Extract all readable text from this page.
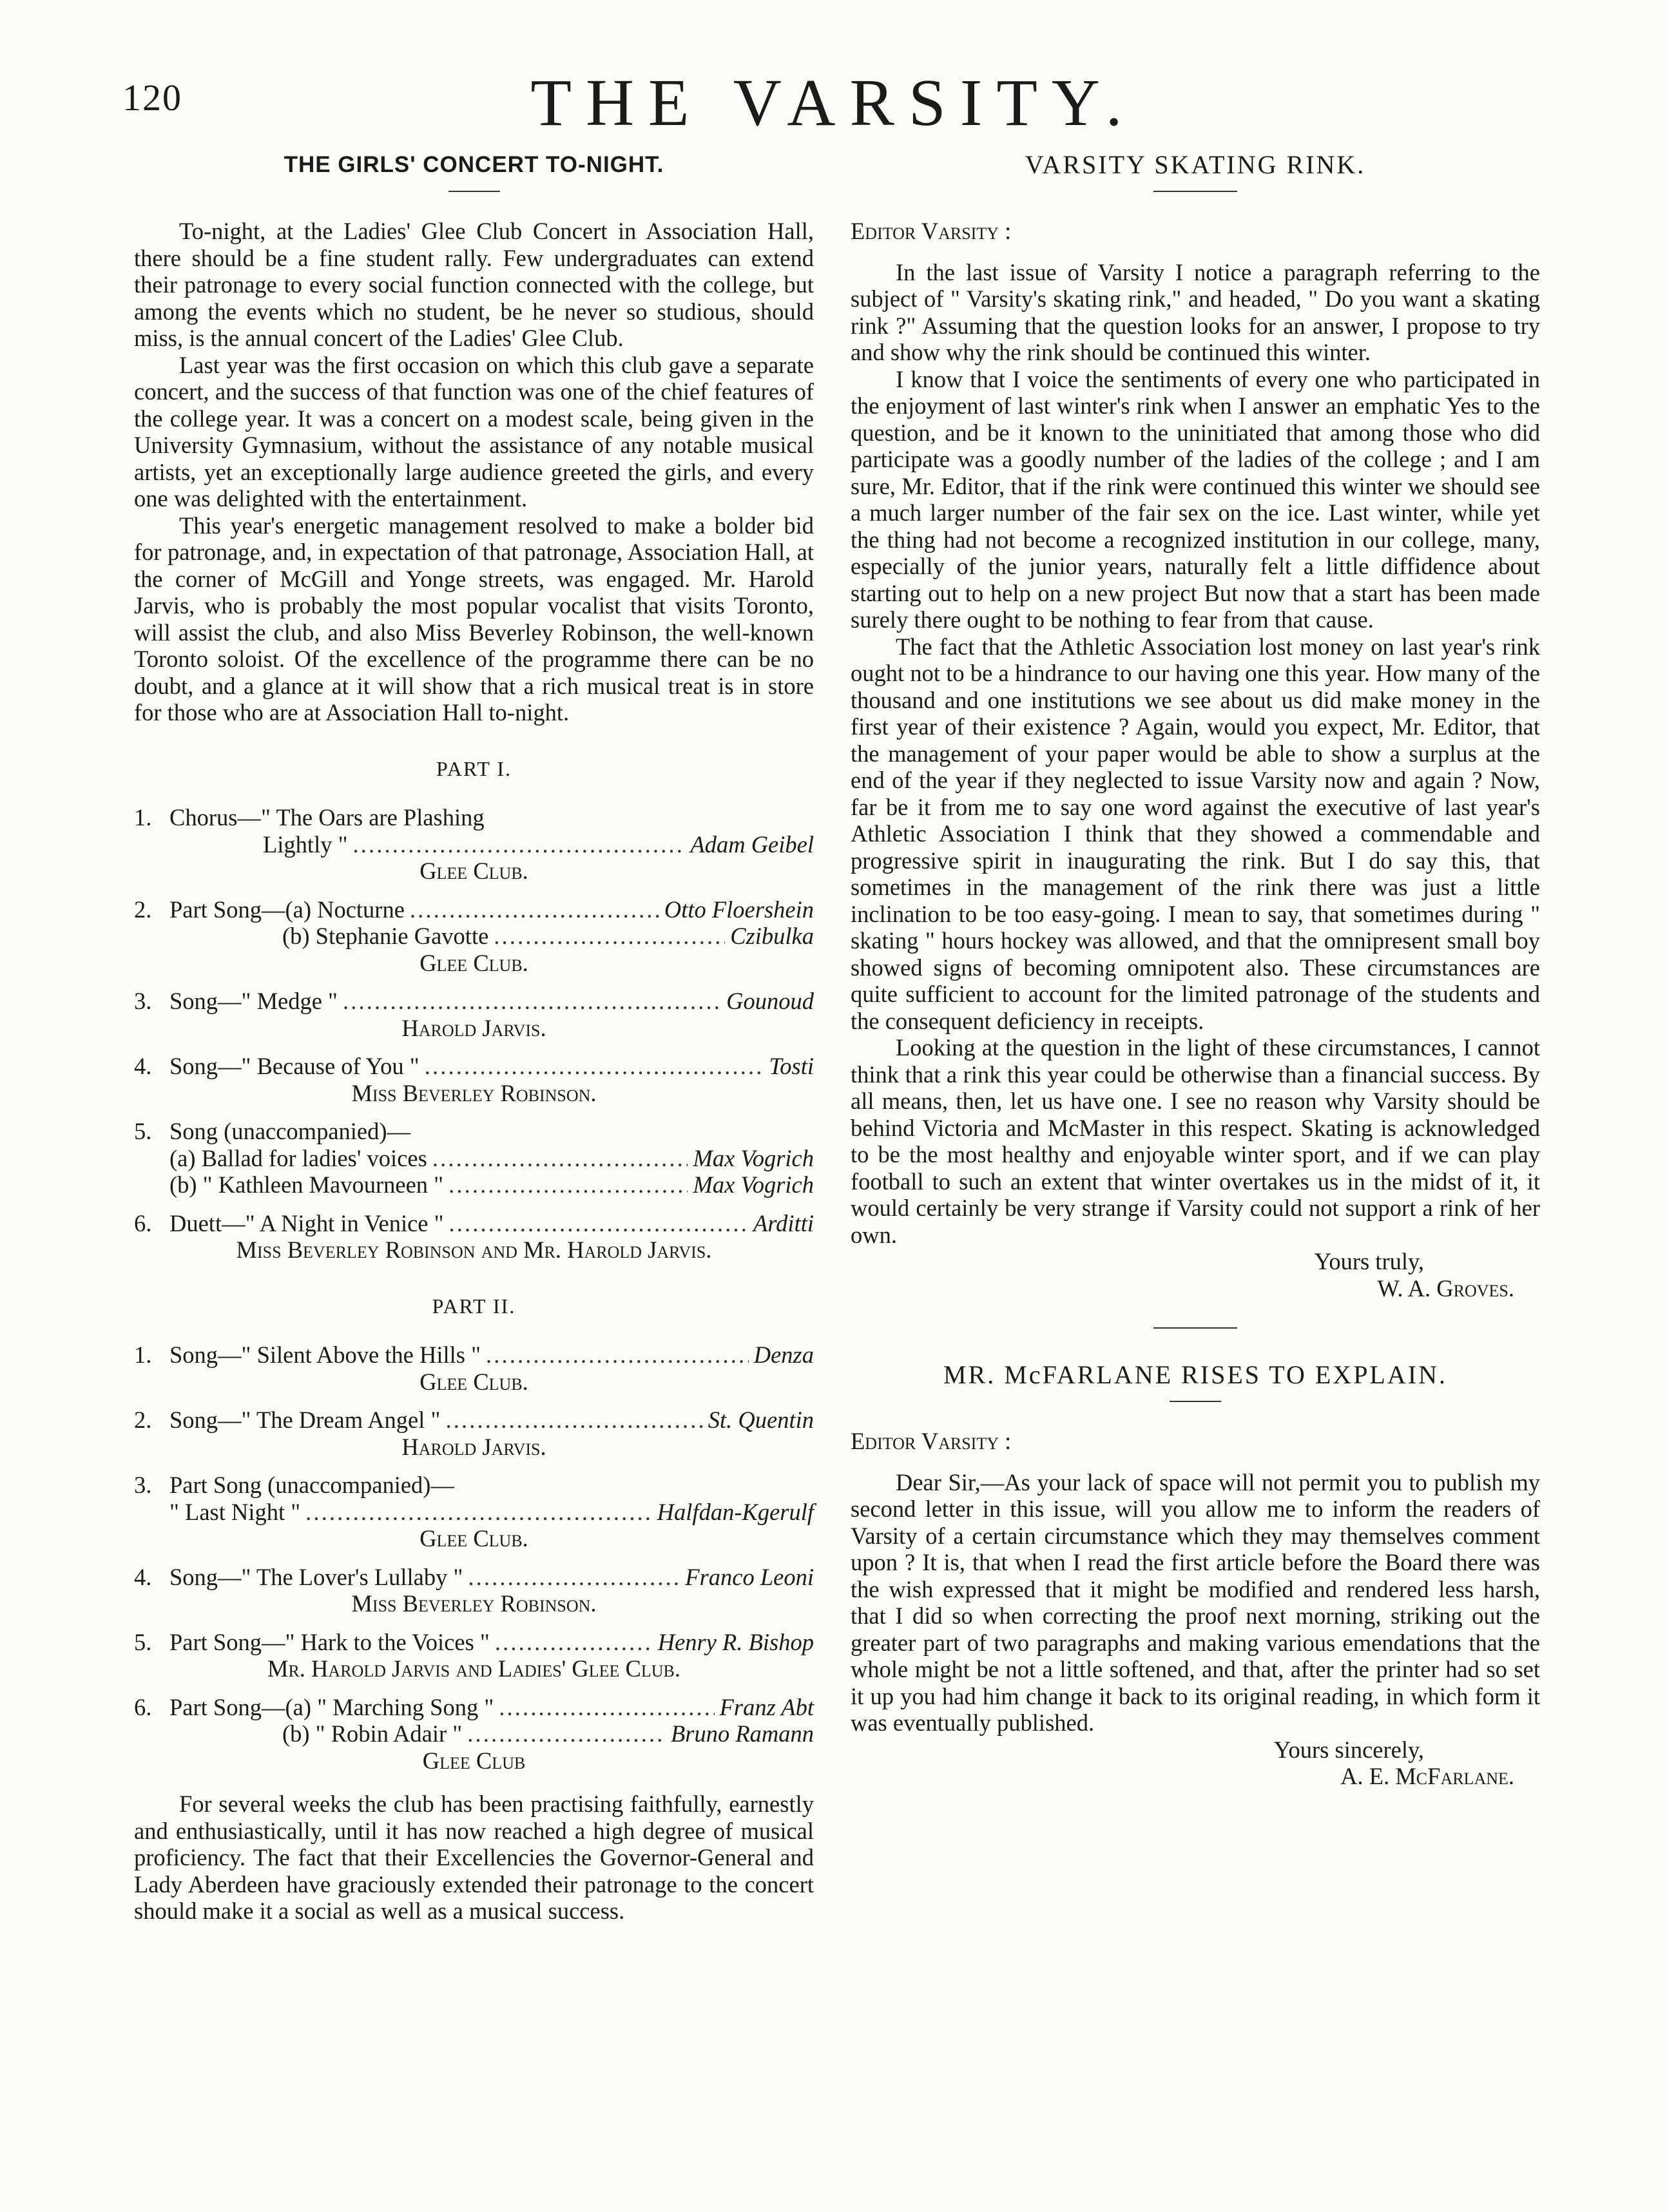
120	THE VARSITY.
THE GIRLS' CONCERT TO-NIGHT.

To-night, at the Ladies' Glee Club Concert in Association Hall, there should be a fine student rally. Few undergraduates can extend their patronage to every social function connected with the college, but among the events which no student, be he never so studious, should miss, is the annual concert of the Ladies' Glee Club.

Last year was the first occasion on which this club gave a separate concert, and the success of that function was one of the chief features of the college year. It was a concert on a modest scale, being given in the University Gymnasium, without the assistance of any notable musical artists, yet an exceptionally large audience greeted the girls, and every one was delighted with the entertainment.

This year's energetic management resolved to make a bolder bid for patronage, and, in expectation of that patronage, Association Hall, at the corner of McGill and Yonge streets, was engaged. Mr. Harold Jarvis, who is probably the most popular vocalist that visits Toronto, will assist the club, and also Miss Beverley Robinson, the well-known Toronto soloist. Of the excellence of the programme there can be no doubt, and a glance at it will show that a rich musical treat is in store for those who are at Association Hall to-night.

PART I.
1. Chorus—" The Oars are Plashing
Lightly " . . .	Adam Geibel
Glee Club.
2. Part Song—(a) Nocturne . . .	Otto Floershein
(b) Stephanie Gavotte . . .	Czibulka
Glee Club.
3. Song—" Medge " . . .	Gounoud
Harold Jarvis.
4. Song—" Because of You " . . .	Tosti
Miss Beverley Robinson.
5. Song (unaccompanied)—
(a) Ballad for ladies' voices . . .	Max Vogrich
(b) " Kathleen Mavourneen " . . .	Max Vogrich
6. Duett—" A Night in Venice " . . .	Arditti
Miss Beverley Robinson and Mr. Harold Jarvis.
PART II.
1. Song—" Silent Above the Hills " . . .	Denza
Glee Club.
2. Song—" The Dream Angel " . . .	St. Quentin
Harold Jarvis.
3. Part Song (unaccompanied)—
" Last Night " . . .	Halfdan-Kgerulf
Glee Club.
4. Song—" The Lover's Lullaby " . . .	Franco Leoni
Miss Beverley Robinson.
5. Part Song—" Hark to the Voices " . . .	Henry R. Bishop
Mr. Harold Jarvis and Ladies' Glee Club.
6. Part Song—(a) " Marching Song " . . .	Franz Abt
(b) " Robin Adair " . . .	Bruno Ramann
Glee Club

For several weeks the club has been practising faithfully, earnestly and enthusiastically, until it has now reached a high degree of musical proficiency. The fact that their Excellencies the Governor-General and Lady Aberdeen have graciously extended their patronage to the concert should make it a social as well as a musical success.

VARSITY SKATING RINK.

Editor Varsity :

In the last issue of Varsity I notice a paragraph referring to the subject of " Varsity's skating rink," and headed, " Do you want a skating rink ?" Assuming that the question looks for an answer, I propose to try and show why the rink should be continued this winter.

I know that I voice the sentiments of every one who participated in the enjoyment of last winter's rink when I answer an emphatic Yes to the question, and be it known to the uninitiated that among those who did participate was a goodly number of the ladies of the college ; and I am sure, Mr. Editor, that if the rink were continued this winter we should see a much larger number of the fair sex on the ice. Last winter, while yet the thing had not become a recognized institution in our college, many, especially of the junior years, naturally felt a little diffidence about starting out to help on a new project But now that a start has been made surely there ought to be nothing to fear from that cause.

The fact that the Athletic Association lost money on last year's rink ought not to be a hindrance to our having one this year. How many of the thousand and one institutions we see about us did make money in the first year of their existence ? Again, would you expect, Mr. Editor, that the management of your paper would be able to show a surplus at the end of the year if they neglected to issue Varsity now and again ? Now, far be it from me to say one word against the executive of last year's Athletic Association I think that they showed a commendable and progressive spirit in inaugurating the rink. But I do say this, that sometimes in the management of the rink there was just a little inclination to be too easy-going. I mean to say, that sometimes during " skating " hours hockey was allowed, and that the omnipresent small boy showed signs of becoming omnipotent also. These circumstances are quite sufficient to account for the limited patronage of the students and the consequent deficiency in receipts.

Looking at the question in the light of these circumstances, I cannot think that a rink this year could be otherwise than a financial success. By all means, then, let us have one. I see no reason why Varsity should be behind Victoria and McMaster in this respect. Skating is acknowledged to be the most healthy and enjoyable winter sport, and if we can play football to such an extent that winter overtakes us in the midst of it, it would certainly be very strange if Varsity could not support a rink of her own.

Yours truly,

W. A. Groves.

MR. McFARLANE RISES TO EXPLAIN.

Editor Varsity :

Dear Sir,—As your lack of space will not permit you to publish my second letter in this issue, will you allow me to inform the readers of Varsity of a certain circumstance which they may themselves comment upon ? It is, that when I read the first article before the Board there was the wish expressed that it might be modified and rendered less harsh, that I did so when correcting the proof next morning, striking out the greater part of two paragraphs and making various emendations that the whole might be not a little softened, and that, after the printer had so set it up you had him change it back to its original reading, in which form it was eventually published.

Yours sincerely,

A. E. McFarlane.
